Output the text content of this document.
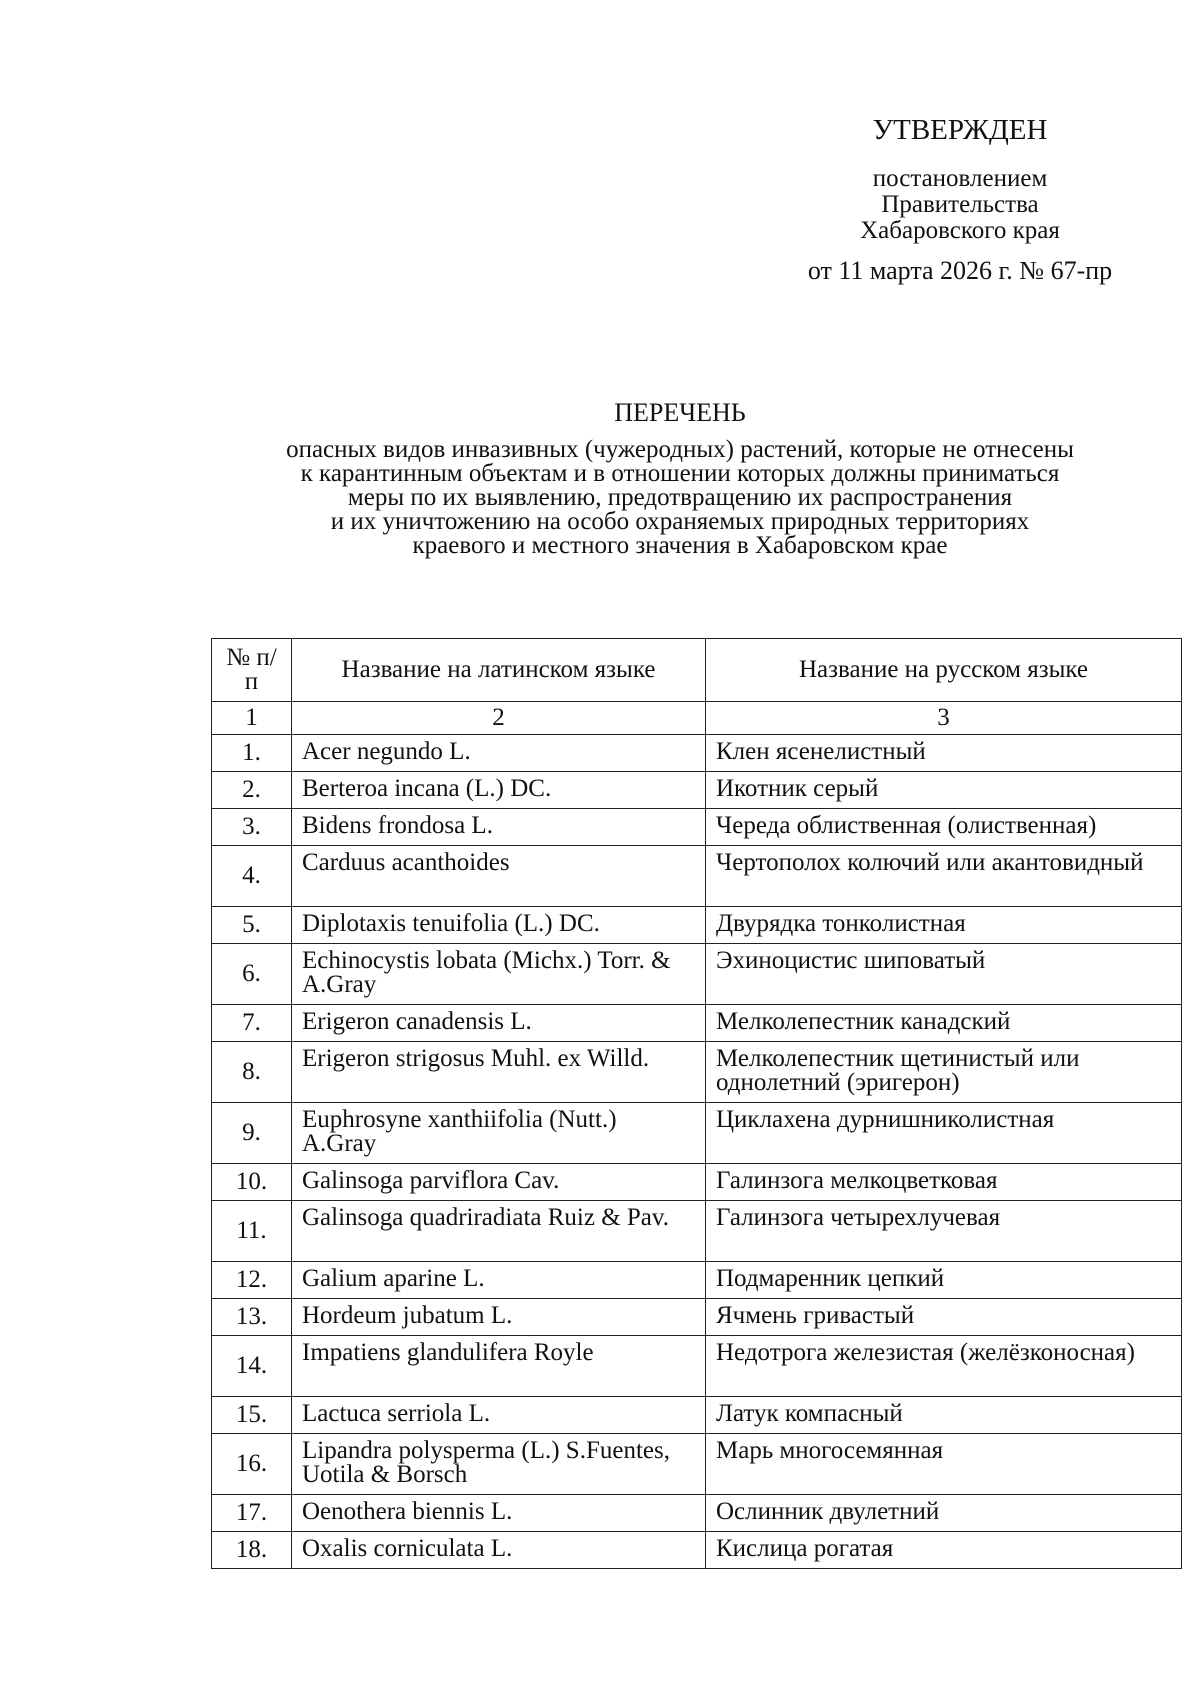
УТВЕРЖДЕН
постановлением
Правительства
Хабаровского края
от 11 марта 2026 г. № 67-пр
ПЕРЕЧЕНЬ
опасных видов инвазивных (чужеродных) растений, которые не отнесены
к карантинным объектам и в отношении которых должны приниматься
меры по их выявлению, предотвращению их распространения
и их уничтожению на особо охраняемых природных территориях
краевого и местного значения в Хабаровском крае
№ п/п	Название на латинском языке	Название на русском языке
1	2	3
1.	Acer negundo L.	Клен ясенелистный
2.	Berteroa incana (L.) DC.	Икотник серый
3.	Bidens frondosa L.	Череда облиственная (олиственная)
4.	Carduus acanthoides	Чертополох колючий или акантовидный
5.	Diplotaxis tenuifolia (L.) DC.	Двурядка тонколистная
6.	Echinocystis lobata (Michx.) Torr. & A.Gray	Эхиноцистис шиповатый
7.	Erigeron canadensis L.	Мелколепестник канадский
8.	Erigeron strigosus Muhl. ex Willd.	Мелколепестник щетинистый или однолетний (эригерон)
9.	Euphrosyne xanthiifolia (Nutt.) A.Gray	Циклахена дурнишниколистная
10.	Galinsoga parviflora Cav.	Галинзога мелкоцветковая
11.	Galinsoga quadriradiata Ruiz & Pav.	Галинзога четырехлучевая
12.	Galium aparine L.	Подмаренник цепкий
13.	Hordeum jubatum L.	Ячмень гривастый
14.	Impatiens glandulifera Royle	Недотрога железистая (желёзконосная)
15.	Lactuca serriola L.	Латук компасный
16.	Lipandra polysperma (L.) S.Fuentes, Uotila & Borsch	Марь многосемянная
17.	Oenothera biennis L.	Ослинник двулетний
18.	Oxalis corniculata L.	Кислица рогатая
